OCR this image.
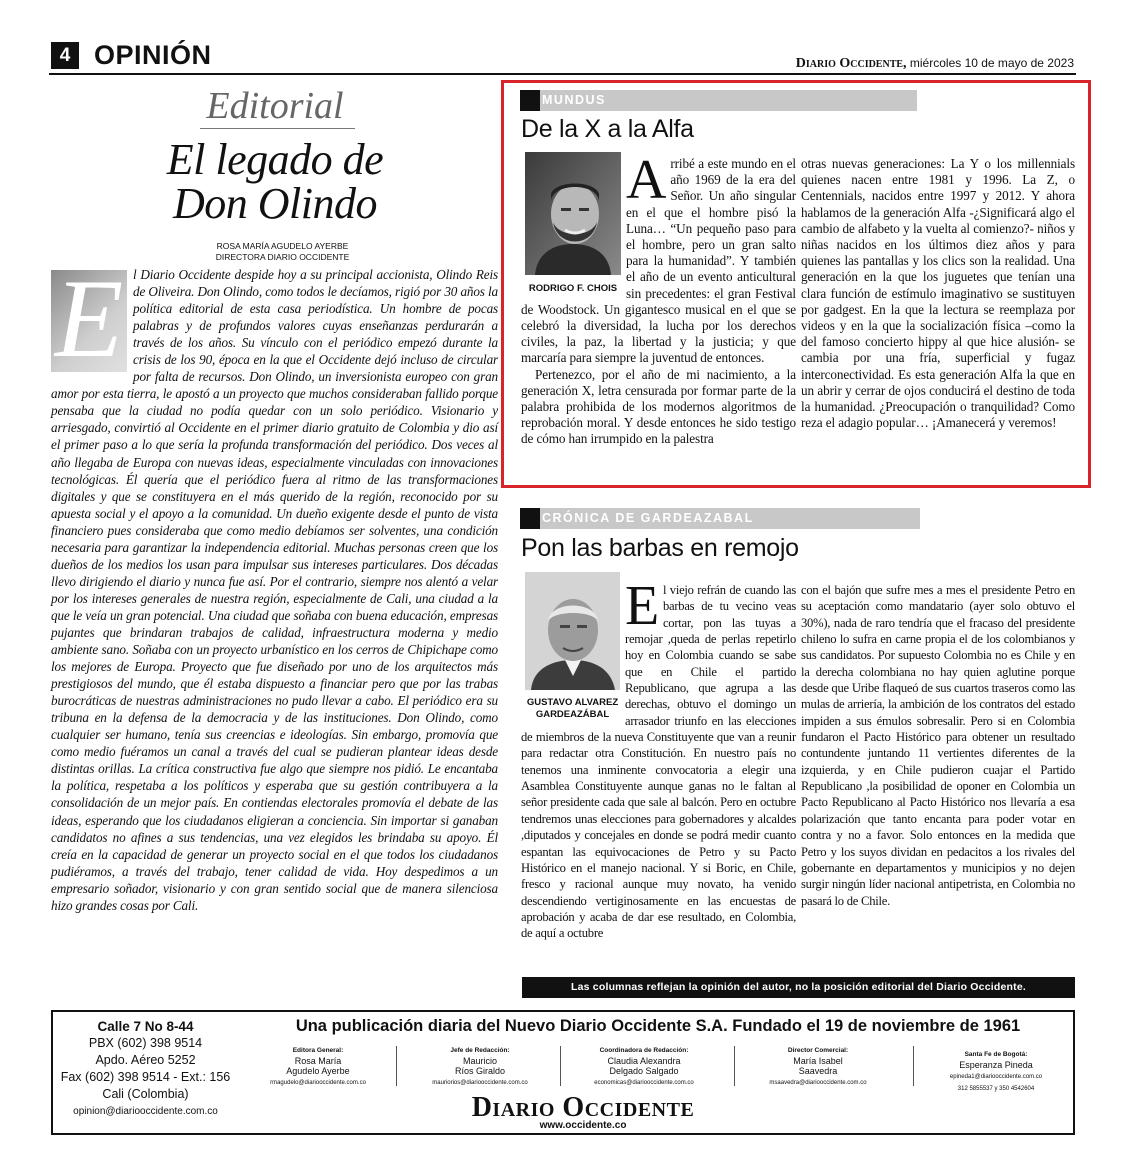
4 OPINIÓN	Diario Occidente, miércoles 10 de mayo de 2023
Editorial
El legado de
Don Olindo
ROSA MARÍA AGUDELO AYERBE
DIRECTORA DIARIO OCCIDENTE
E l Diario Occidente despide hoy a su principal accionista, Olindo Reis de Oliveira. Don Olindo, como todos le decíamos, rigió por 30 años la política editorial de esta casa periodística. Un hombre de pocas palabras y de profundos valores cuyas enseñanzas perdurarán a través de los años. Su vínculo con el periódico empezó durante la crisis de los 90, época en la que el Occidente dejó incluso de circular por falta de recursos. Don Olindo, un inversionista europeo con gran amor por esta tierra, le apostó a un proyecto que muchos consideraban fallido porque pensaba que la ciudad no podía quedar con un solo periódico. Visionario y arriesgado, convirtió al Occidente en el primer diario gratuito de Colombia y dio así el primer paso a lo que sería la profunda transformación del periódico. Dos veces al año llegaba de Europa con nuevas ideas, especialmente vinculadas con innovaciones tecnológicas. Él quería que el periódico fuera al ritmo de las transformaciones digitales y que se constituyera en el más querido de la región, reconocido por su apuesta social y el apoyo a la comunidad. Un dueño exigente desde el punto de vista financiero pues consideraba que como medio debíamos ser solventes, una condición necesaria para garantizar la independencia editorial. Muchas personas creen que los dueños de los medios los usan para impulsar sus intereses particulares. Dos décadas llevo dirigiendo el diario y nunca fue así. Por el contrario, siempre nos alentó a velar por los intereses generales de nuestra región, especialmente de Cali, una ciudad a la que le veía un gran potencial. Una ciudad que soñaba con buena educación, empresas pujantes que brindaran trabajos de calidad, infraestructura moderna y medio ambiente sano. Soñaba con un proyecto urbanístico en los cerros de Chipichape como los mejores de Europa. Proyecto que fue diseñado por uno de los arquitectos más prestigiosos del mundo, que él estaba dispuesto a financiar pero que por las trabas burocráticas de nuestras administraciones no pudo llevar a cabo. El periódico era su tribuna en la defensa de la democracia y de las instituciones. Don Olindo, como cualquier ser humano, tenía sus creencias e ideologías. Sin embargo, promovía que como medio fuéramos un canal a través del cual se pudieran plantear ideas desde distintas orillas. La crítica constructiva fue algo que siempre nos pidió. Le encantaba la política, respetaba a los políticos y esperaba que su gestión contribuyera a la consolidación de un mejor país. En contiendas electorales promovía el debate de las ideas, esperando que los ciudadanos eligieran a conciencia. Sin importar si ganaban candidatos no afines a sus tendencias, una vez elegidos les brindaba su apoyo. Él creía en la capacidad de generar un proyecto social en el que todos los ciudadanos pudiéramos, a través del trabajo, tener calidad de vida. Hoy despedimos a un empresario soñador, visionario y con gran sentido social que de manera silenciosa hizo grandes cosas por Cali.
MUNDUS
De la X a la Alfa
RODRIGO F. CHOIS

Arribé a este mundo en el año 1969 de la era del Señor. Un año singular en el que el hombre pisó la Luna… “Un pequeño paso para el hombre, pero un gran salto para la humanidad”. Y también el año de un evento anticultural sin precedentes: el gran Festival de Woodstock. Un gigantesco musical en el que se celebró la diversidad, la lucha por los derechos civiles, la paz, la libertad y la justicia; y que marcaría para siempre la juventud de entonces.

Pertenezco, por el año de mi nacimiento, a la generación X, letra censurada por formar parte de la palabra prohibida de los modernos algoritmos de reprobación moral. Y desde entonces he sido testigo de cómo han irrumpido en la palestra

otras nuevas generaciones: La Y o los millennials quienes nacen entre 1981 y 1996. La Z, o Centennials, nacidos entre 1997 y 2012. Y ahora hablamos de la generación Alfa -¿Significará algo el cambio de alfabeto y la vuelta al comienzo?- niños y niñas nacidos en los últimos diez años y para quienes las pantallas y los clics son la realidad. Una generación en la que los juguetes que tenían una clara función de estímulo imaginativo se sustituyen por gadgest. En la que la lectura se reemplaza por videos y en la que la socialización física –como la del famoso concierto hippy al que hice alusión- se cambia por una fría, superficial y fugaz interconectividad. Es esta generación Alfa la que en un abrir y cerrar de ojos conducirá el destino de toda la humanidad. ¿Preocupación o tranquilidad? Como reza el adagio popular… ¡Amanecerá y veremos!
CRÓNICA DE GARDEAZABAL
Pon las barbas en remojo
GUSTAVO ALVAREZ
GARDEAZÁBAL

El viejo refrán de cuando las barbas de tu vecino veas cortar, pon las tuyas a remojar ,queda de perlas repetirlo hoy en Colombia cuando se sabe que en Chile el partido Republicano, que agrupa a las derechas, obtuvo el domingo un arrasador triunfo en las elecciones de miembros de la nueva Constituyente que van a reunir para redactar otra Constitución. En nuestro país no tenemos una inminente convocatoria a elegir una Asamblea Constituyente aunque ganas no le faltan al señor presidente cada que sale al balcón. Pero en octubre tendremos unas elecciones para gobernadores y alcaldes ,diputados y concejales en donde se podrá medir cuanto espantan las equivocaciones de Petro y su Pacto Histórico en el manejo nacional. Y si Boric, en Chile, fresco y racional aunque muy novato, ha venido descendiendo vertiginosamente en las encuestas de aprobación y acaba de dar ese resultado, en Colombia, de aquí a octubre

con el bajón que sufre mes a mes el presidente Petro en su aceptación como mandatario (ayer solo obtuvo el 30%), nada de raro tendría que el fracaso del presidente chileno lo sufra en carne propia el de los colombianos y sus candidatos. Por supuesto Colombia no es Chile y en la derecha colombiana no hay quien aglutine porque desde que Uribe flaqueó de sus cuartos traseros como las mulas de arriería, la ambición de los contratos del estado impiden a sus émulos sobresalir. Pero si en Colombia fundaron el Pacto Histórico para obtener un resultado contundente juntando 11 vertientes diferentes de la izquierda, y en Chile pudieron cuajar el Partido Republicano ,la posibilidad de oponer en Colombia un Pacto Republicano al Pacto Histórico nos llevaría a esa polarización que tanto encanta para poder votar en contra y no a favor. Solo entonces en la medida que Petro y los suyos dividan en pedacitos a los rivales del gobernante en departamentos y municipios y no dejen surgir ningún líder nacional antipetrista, en Colombia no pasará lo de Chile.
Las columnas reflejan la opinión del autor, no la posición editorial del Diario Occidente.
Calle 7 No 8-44
PBX (602) 398 9514
Apdo. Aéreo 5252
Fax (602) 398 9514 - Ext.: 156
Cali (Colombia)
opinion@diariooccidente.com.co
Una publicación diaria del Nuevo Diario Occidente S.A. Fundado el 19 de noviembre de 1961
Editora General:
Rosa María
Agudelo Ayerbe
rmagudelo@diariooccidente.com.co
Jefe de Redacción:
Mauricio
Ríos Giraldo
mauriorios@diariooccidente.com.co
Coordinadora de Redacción:
Claudia Alexandra
Delgado Salgado
economicas@diariooccidente.com.co
Director Comercial:
María Isabel
Saavedra
msaavedra@diariooccidente.com.co
Santa Fe de Bogotá:
Esperanza Pineda
epineda1@diariooccidente.com.co
312 5855537 y 350 4542604
Diario Occidente
www.occidente.co
